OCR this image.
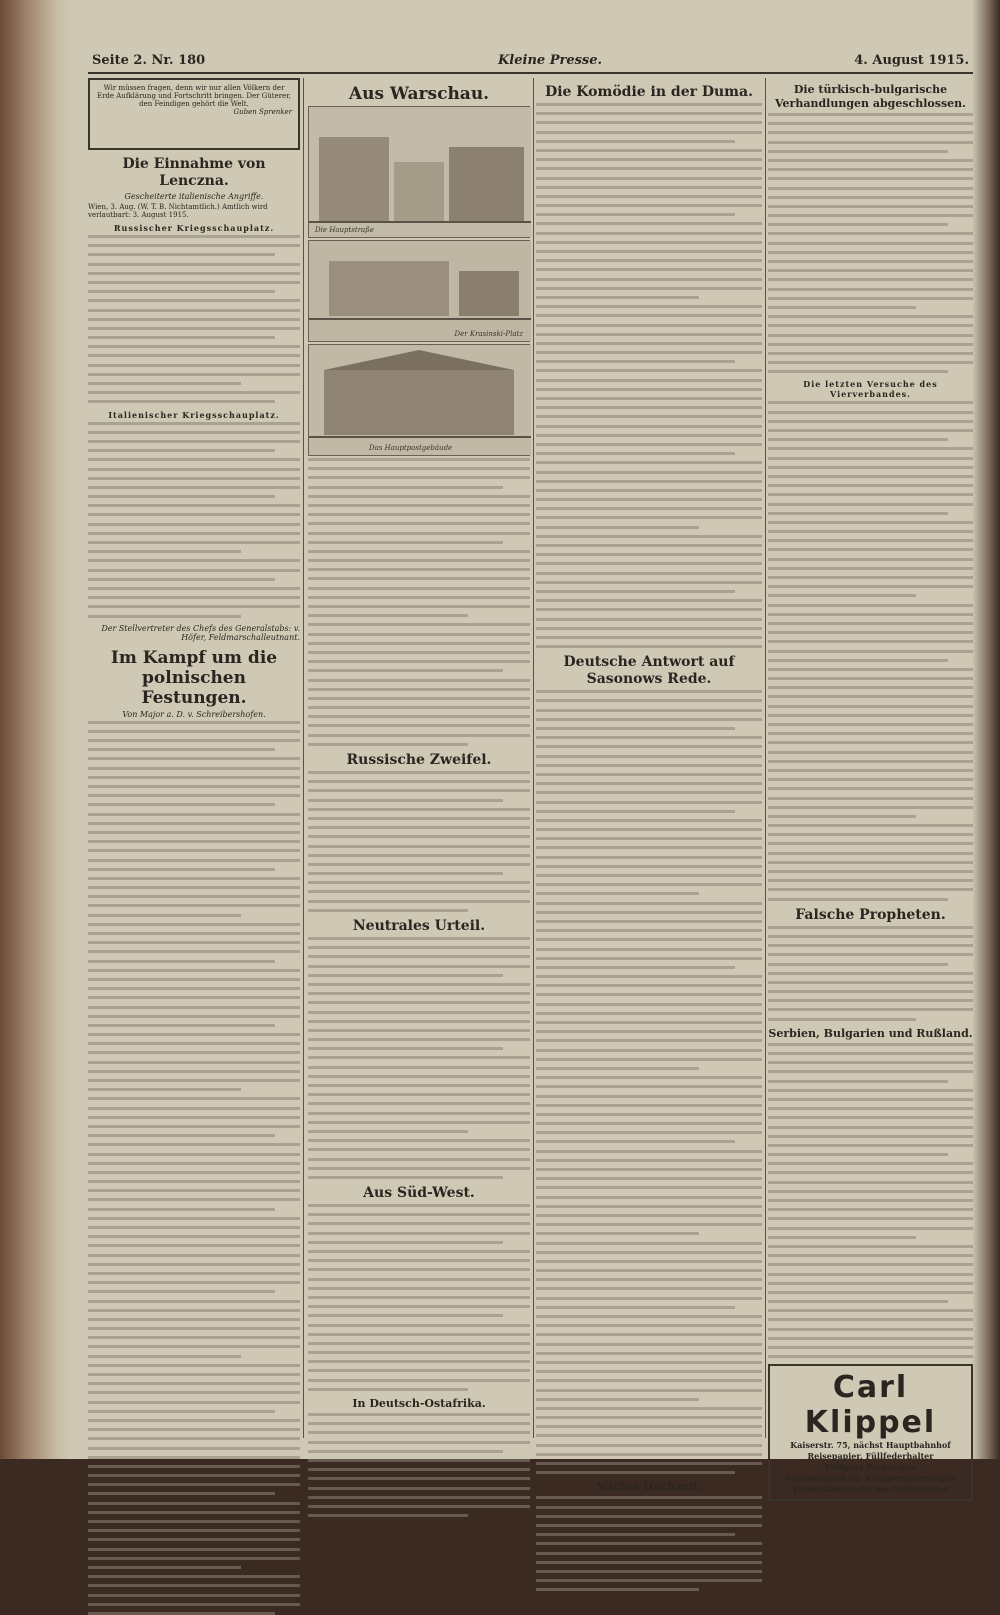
Seite 2. Nr. 180	Kleine Presse.	4. August 1915.
Wir müssen fragen, denn wir nur allen Völkern der Erde Aufklärung und Fortschritt bringen. Der Güterer, den Feindigen gehört die Welt.
Guben Sprenker
Die Einnahme von Lenczna.
Gescheiterte italienische Angriffe.
Wien, 3. Aug. (W. T. B. Nichtamtlich.) Amtlich wird verlautbart: 3. August 1915.
Russischer Kriegsschauplatz.
Italienischer Kriegsschauplatz.
Der Stellvertreter des Chefs des Generalstabs: v. Höfer, Feldmarschalleutnant.
Im Kampf um die polnischen Festungen.
Von Major a. D. v. Schreibershofen.
Aus Warschau.
Die Hauptstraße
Der Krasinski-Platz
Das Hauptpostgebäude
Russische Zweifel.
Neutrales Urteil.
Aus Süd-West.
In Deutsch-Ostafrika.
Die Komödie in der Duma.
Deutsche Antwort auf Sasonows Rede.
Nächst Hochzeit.
Die türkisch-bulgarische Verhandlungen abgeschlossen.
Die letzten Versuche des Vierverbandes.
Falsche Propheten.
Serbien, Bulgarien und Rußland.
Carl Klippel
Kaiserstr. 75, nächst Hauptbahnhof
Reisepapier, Füllfederhalter
Feldpost-Packungen
Sammelalben für Kriegserinnerungen
Papier-Taschentücher Notizbücher
